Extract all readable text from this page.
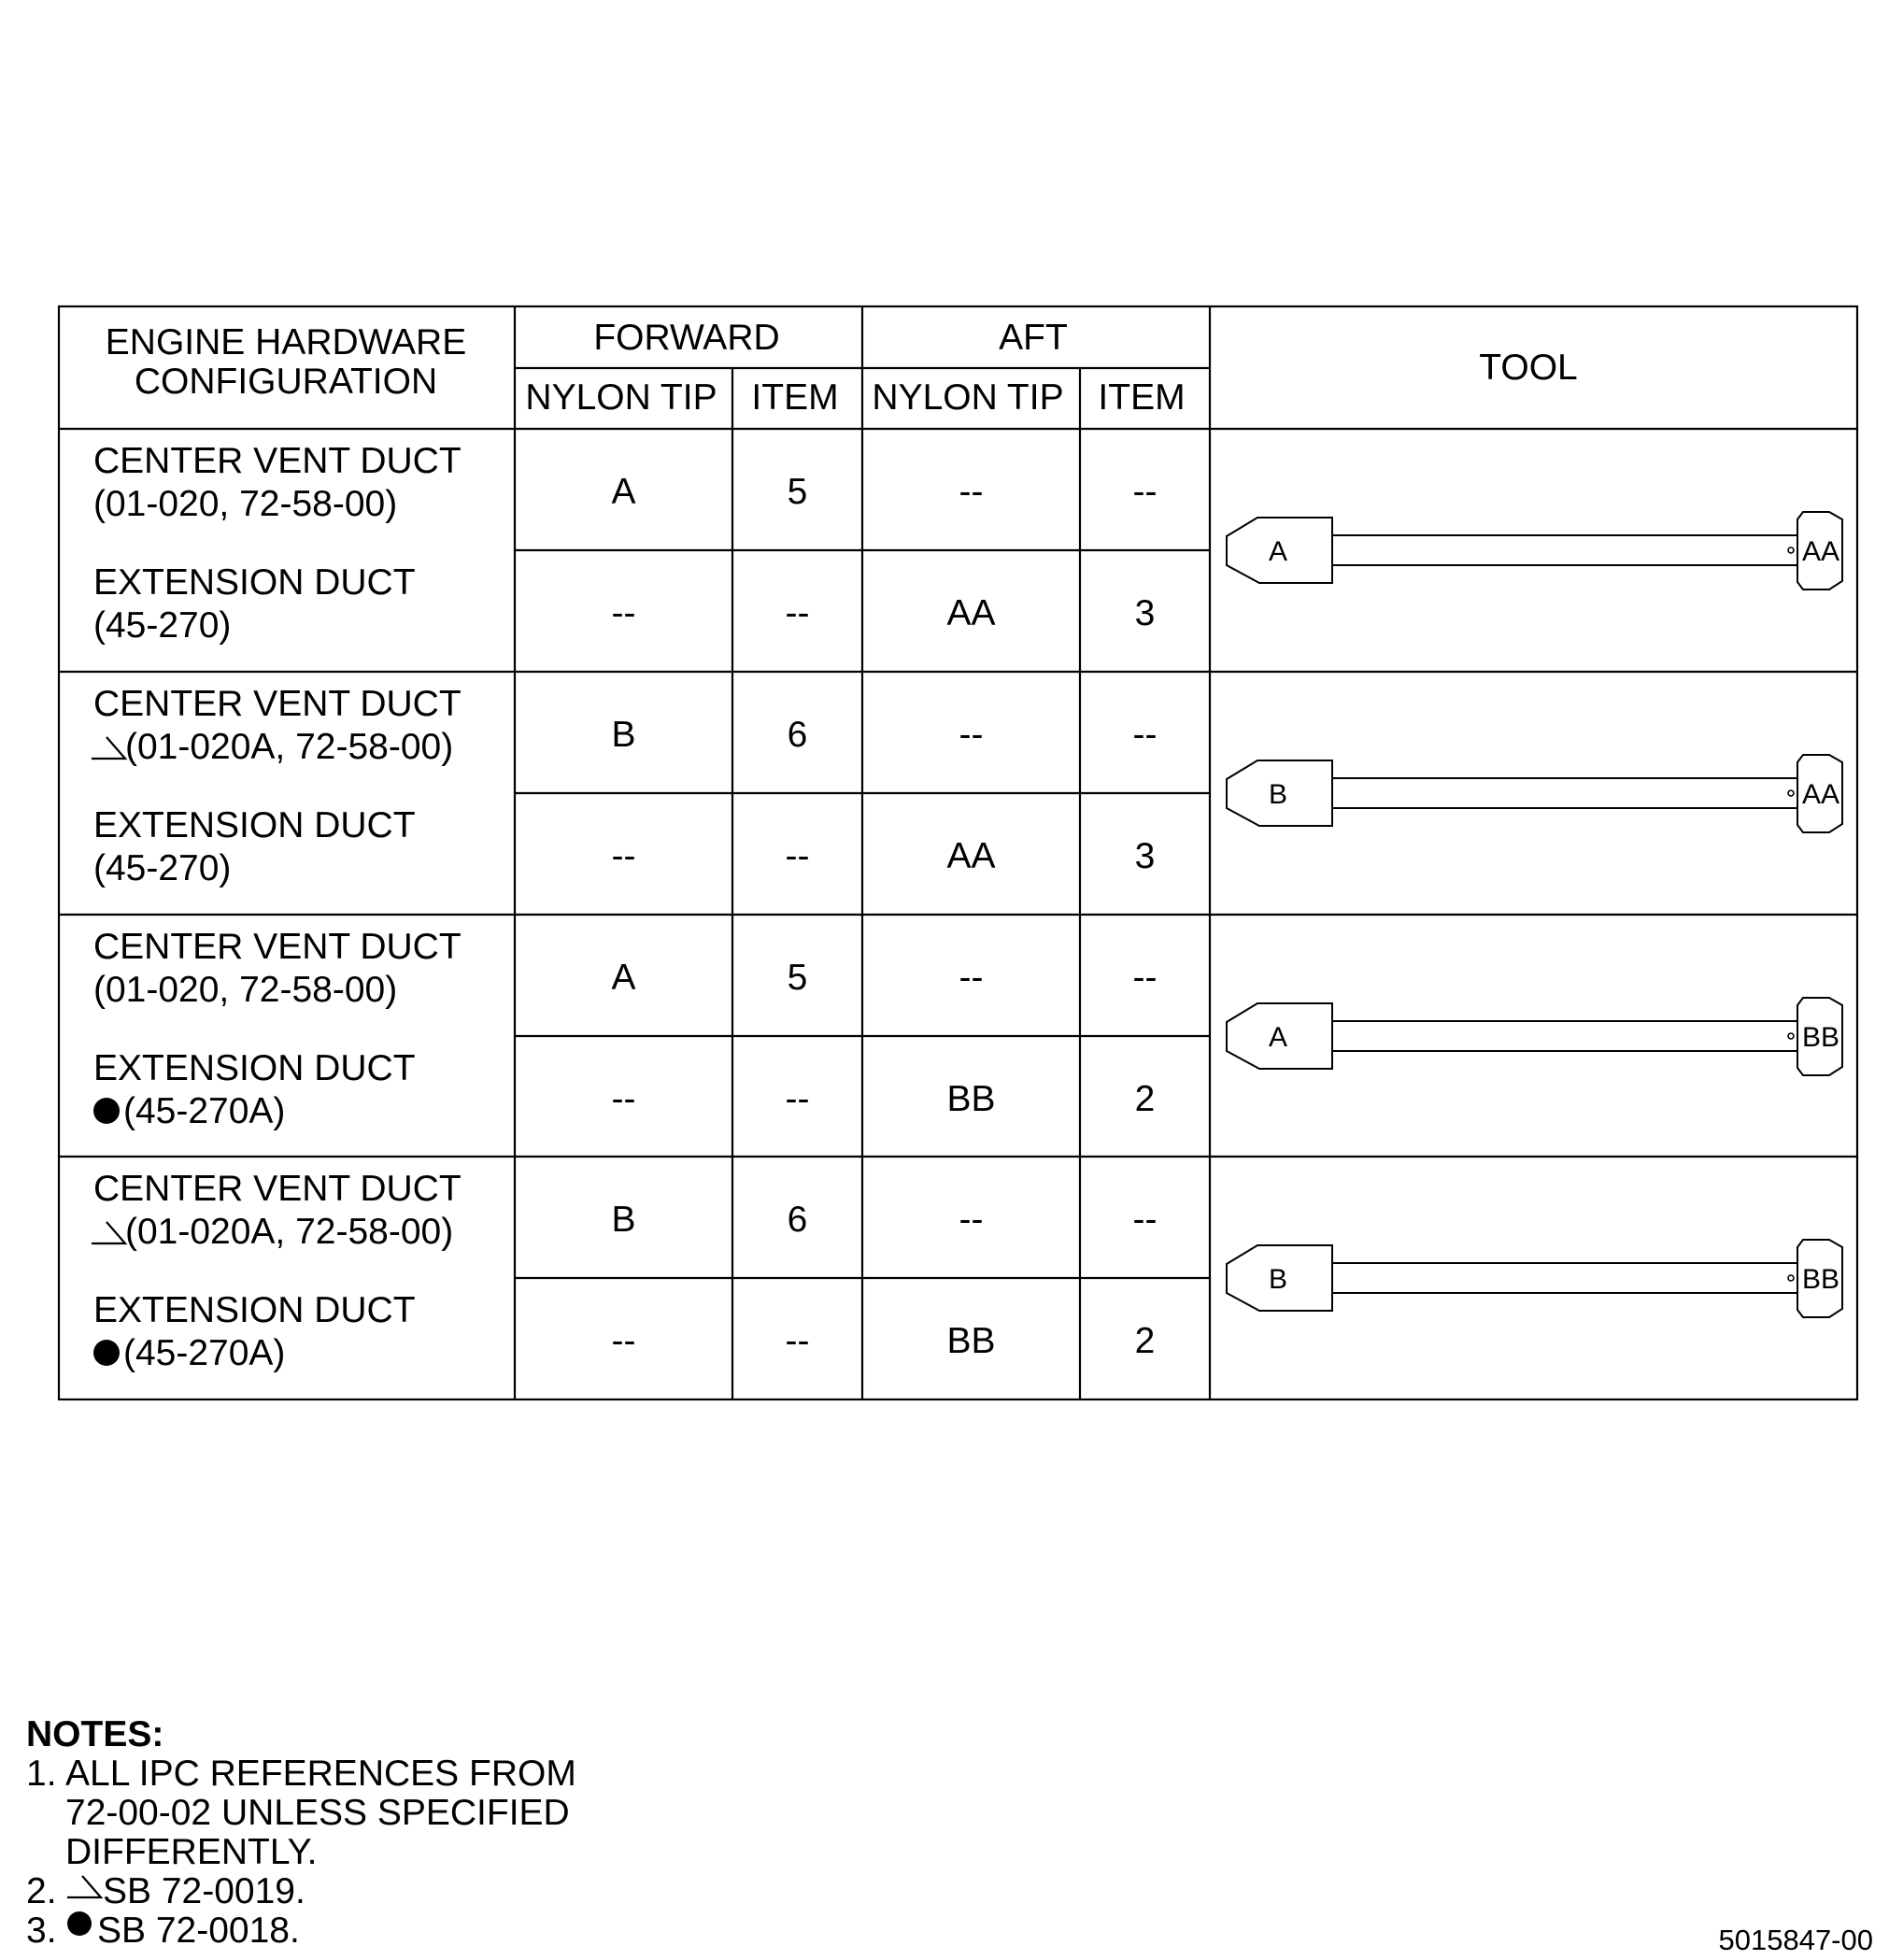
ENGINE HARDWARE
CONFIGURATION
FORWARD	AFT
TOOL
NYLON TIP ITEM NYLON TIP ITEM
CENTER VENT DUCT
(01-020, 72-58-00)	A	5	--	--
EXTENSION DUCT
(45-270)	--	--	AA	3
CENTER VENT DUCT
(01-020A, 72-58-00)	B	6	--	--
EXTENSION DUCT
(45-270)	--	--	AA	3
CENTER VENT DUCT
(01-020, 72-58-00)	A	5	--	--
EXTENSION DUCT
(45-270A)	--	--	BB	2
CENTER VENT DUCT
(01-020A, 72-58-00)	B	6	--	--
EXTENSION DUCT
(45-270A)	--	--	BB	2
A	AA
B	AA
A	BB
B	BB
NOTES:
1. ALL IPC REFERENCES FROM
72-00-02 UNLESS SPECIFIED
DIFFERENTLY.
2. SB 72-0019.
3. SB 72-0018.	5015847-00
